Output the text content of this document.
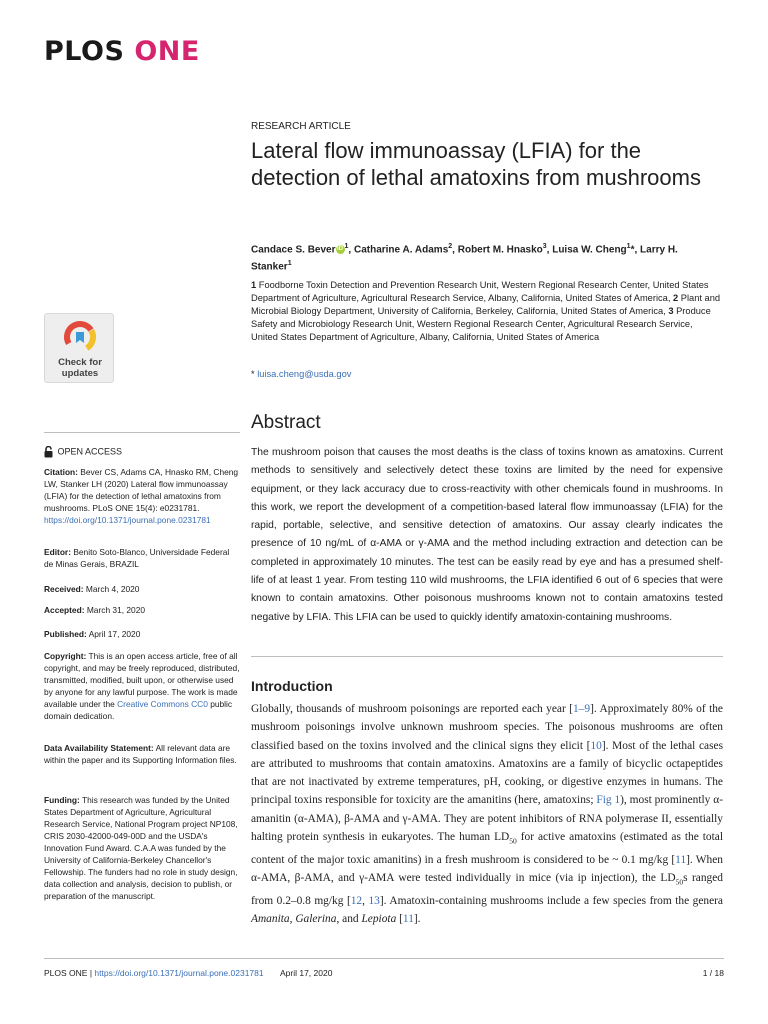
PLOS ONE
RESEARCH ARTICLE
Lateral flow immunoassay (LFIA) for the detection of lethal amatoxins from mushrooms
Candace S. Bever iD $^1$, Catharine A. Adams$^2$, Robert M. Hnasko$^3$, Luisa W. Cheng$^1$*, Larry H. Stanker$^1$
1 Foodborne Toxin Detection and Prevention Research Unit, Western Regional Research Center, United States Department of Agriculture, Agricultural Research Service, Albany, California, United States of America, 2 Plant and Microbial Biology Department, University of California, Berkeley, California, United States of America, 3 Produce Safety and Microbiology Research Unit, Western Regional Research Center, Agricultural Research Service, United States Department of Agriculture, Albany, California, United States of America
* luisa.cheng@usda.gov
Check for
updates
OPEN ACCESS
Citation: Bever CS, Adams CA, Hnasko RM, Cheng LW, Stanker LH (2020) Lateral flow immunoassay (LFIA) for the detection of lethal amatoxins from mushrooms. PLoS ONE 15(4): e0231781. https://doi.org/10.1371/journal.pone.0231781
Editor: Benito Soto-Blanco, Universidade Federal de Minas Gerais, BRAZIL
Received: March 4, 2020
Accepted: March 31, 2020
Published: April 17, 2020
Copyright: This is an open access article, free of all copyright, and may be freely reproduced, distributed, transmitted, modified, built upon, or otherwise used by anyone for any lawful purpose. The work is made available under the Creative Commons CC0 public domain dedication.
Data Availability Statement: All relevant data are within the paper and its Supporting Information files.
Funding: This research was funded by the United States Department of Agriculture, Agricultural Research Service, National Program project NP108, CRIS 2030-42000-049-00D and the USDA's Innovation Fund Award. C.A.A was funded by the University of California-Berkeley Chancellor's Fellowship. The funders had no role in study design, data collection and analysis, decision to publish, or preparation of the manuscript.
Abstract

The mushroom poison that causes the most deaths is the class of toxins known as amatoxins. Current methods to sensitively and selectively detect these toxins are limited by the need for expensive equipment, or they lack accuracy due to cross-reactivity with other chemicals found in mushrooms. In this work, we report the development of a competition-based lateral flow immunoassay (LFIA) for the rapid, portable, selective, and sensitive detection of amatoxins. Our assay clearly indicates the presence of 10 ng/mL of α-AMA or γ-AMA and the method including extraction and detection can be completed in approximately 10 minutes. The test can be easily read by eye and has a presumed shelf-life of at least 1 year. From testing 110 wild mushrooms, the LFIA identified 6 out of 6 species that were known to contain amatoxins. Other poisonous mushrooms known not to contain amatoxins tested negative by LFIA. This LFIA can be used to quickly identify amatoxin-containing mushrooms.

Introduction

Globally, thousands of mushroom poisonings are reported each year [1–9]. Approximately 80% of the mushroom poisonings involve unknown mushroom species. The poisonous mushrooms are often classified based on the toxins involved and the clinical signs they elicit [10]. Most of the lethal cases are attributed to mushrooms that contain amatoxins. Amatoxins are a family of bicyclic octapeptides that are not inactivated by extreme temperatures, pH, cooking, or digestive enzymes in humans. The principal toxins responsible for toxicity are the amanitins (here, amatoxins; Fig 1), most prominently α-amanitin (α-AMA), β-AMA and γ-AMA. They are potent inhibitors of RNA polymerase II, essentially halting protein synthesis in eukaryotes. The human $LD_{50}$ for active amatoxins (estimated as the total content of the major toxic amanitins) in a fresh mushroom is considered to be ~ 0.1 mg/kg [11]. When α-AMA, β-AMA, and γ-AMA were tested individually in mice (via ip injection), the $LD_{50}s$ ranged from 0.2–0.8 mg/kg [12, 13]. Amatoxin-containing mushrooms include a few species from the genera Amanita, Galerina, and Lepiota [11].

PLOS ONE | https://doi.org/10.1371/journal.pone.0231781 April 17, 2020	1 / 18
